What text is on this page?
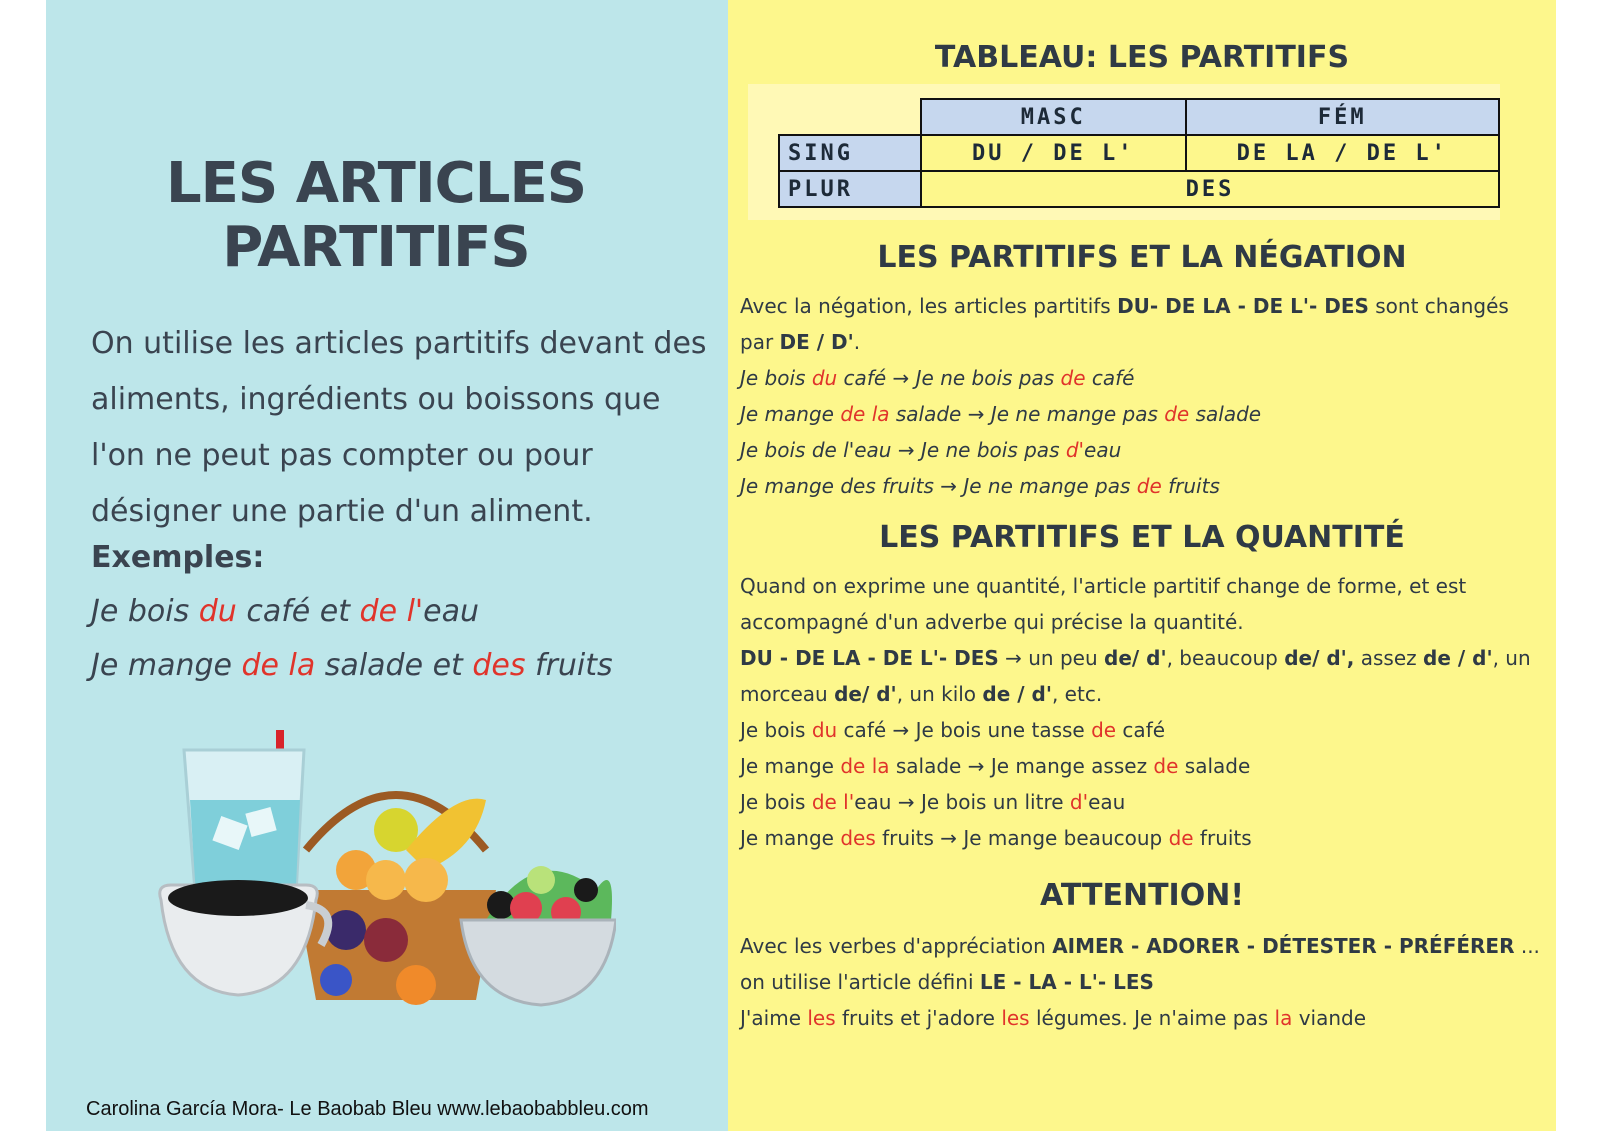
LES ARTICLES
PARTITIFS
On utilise les articles partitifs devant des aliments, ingrédients ou boissons que l'on ne peut pas compter ou pour désigner une partie d'un aliment.
Exemples:
Je bois du café et de l'eau
Je mange de la salade et des fruits
Carolina García Mora- Le Baobab Bleu www.lebaobabbleu.com
TABLEAU: LES PARTITIFS
	MASC	FÉM
SING	DU / DE L'	DE LA / DE L'
PLUR	DES	
LES PARTITIFS ET LA NÉGATION
Avec la négation, les articles partitifs DU- DE LA - DE L'- DES sont changés par DE / D'.
Je bois du café → Je ne bois pas de café
Je mange de la salade → Je ne mange pas de salade
Je bois de l'eau → Je ne bois pas d'eau
Je mange des fruits → Je ne mange pas de fruits
LES PARTITIFS ET LA QUANTITÉ
Quand on exprime une quantité, l'article partitif change de forme, et est accompagné d'un adverbe qui précise la quantité.
DU - DE LA - DE L'- DES → un peu de/ d', beaucoup de/ d', assez de / d', un morceau de/ d', un kilo de / d', etc.
Je bois du café → Je bois une tasse de café
Je mange de la salade → Je mange assez de salade
Je bois de l'eau → Je bois un litre d'eau
Je mange des fruits → Je mange beaucoup de fruits
ATTENTION!
Avec les verbes d'appréciation AIMER - ADORER - DÉTESTER - PRÉFÉRER ... on utilise l'article défini LE - LA - L'- LES
J'aime les fruits et j'adore les légumes. Je n'aime pas la viande
